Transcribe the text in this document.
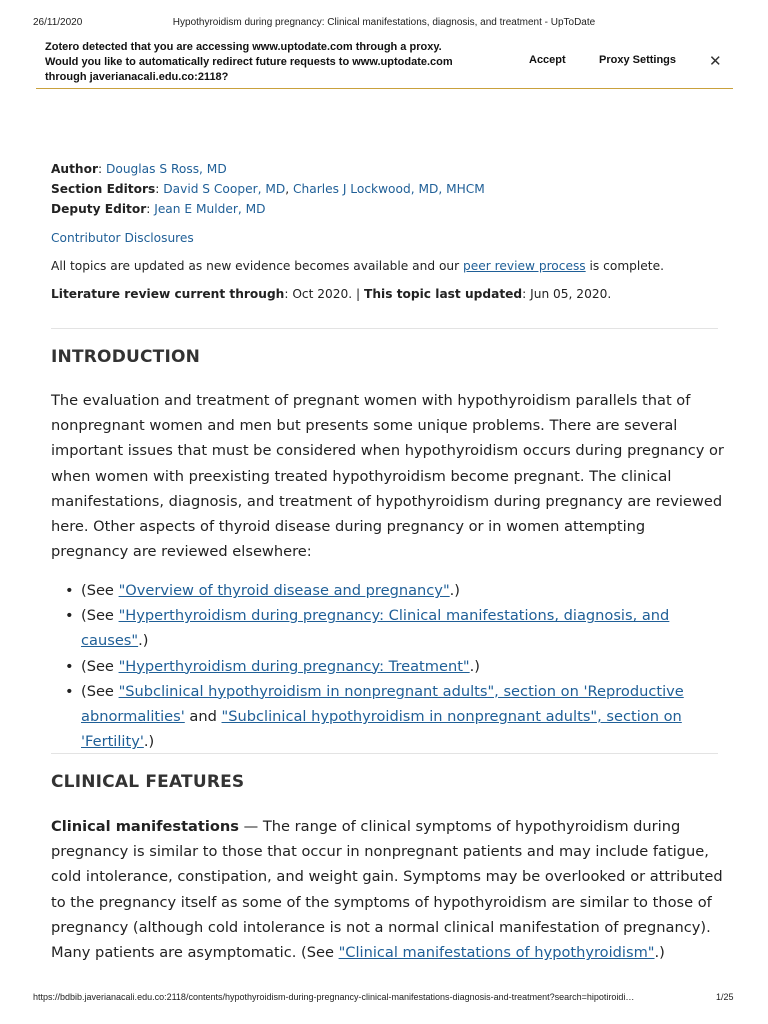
26/11/2020	Hypothyroidism during pregnancy: Clinical manifestations, diagnosis, and treatment - UpToDate
Zotero detected that you are accessing www.uptodate.com through a proxy.
Would you like to automatically redirect future requests to www.uptodate.com
through javerianacali.edu.co:2118?
Accept	Proxy Settings ✕
Author: Douglas S Ross, MD
Section Editors: David S Cooper, MD, Charles J Lockwood, MD, MHCM
Deputy Editor: Jean E Mulder, MD
Contributor Disclosures
All topics are updated as new evidence becomes available and our peer review process is complete.
Literature review current through: Oct 2020. | This topic last updated: Jun 05, 2020.
INTRODUCTION

The evaluation and treatment of pregnant women with hypothyroidism parallels that of nonpregnant women and men but presents some unique problems. There are several important issues that must be considered when hypothyroidism occurs during pregnancy or when women with preexisting treated hypothyroidism become pregnant. The clinical manifestations, diagnosis, and treatment of hypothyroidism during pregnancy are reviewed here. Other aspects of thyroid disease during pregnancy or in women attempting pregnancy are reviewed elsewhere:

• (See "Overview of thyroid disease and pregnancy".)
• (See "Hyperthyroidism during pregnancy: Clinical manifestations, diagnosis, and causes".)
• (See "Hyperthyroidism during pregnancy: Treatment".)
• (See "Subclinical hypothyroidism in nonpregnant adults", section on 'Reproductive abnormalities' and "Subclinical hypothyroidism in nonpregnant adults", section on 'Fertility'.)
CLINICAL FEATURES

Clinical manifestations — The range of clinical symptoms of hypothyroidism during pregnancy is similar to those that occur in nonpregnant patients and may include fatigue, cold intolerance, constipation, and weight gain. Symptoms may be overlooked or attributed to the pregnancy itself as some of the symptoms of hypothyroidism are similar to those of pregnancy (although cold intolerance is not a normal clinical manifestation of pregnancy). Many patients are asymptomatic. (See "Clinical manifestations of hypothyroidism".)

https://bdbib.javerianacali.edu.co:2118/contents/hypothyroidism-during-pregnancy-clinical-manifestations-diagnosis-and-treatment?search=hipotiroidi…	1/25
